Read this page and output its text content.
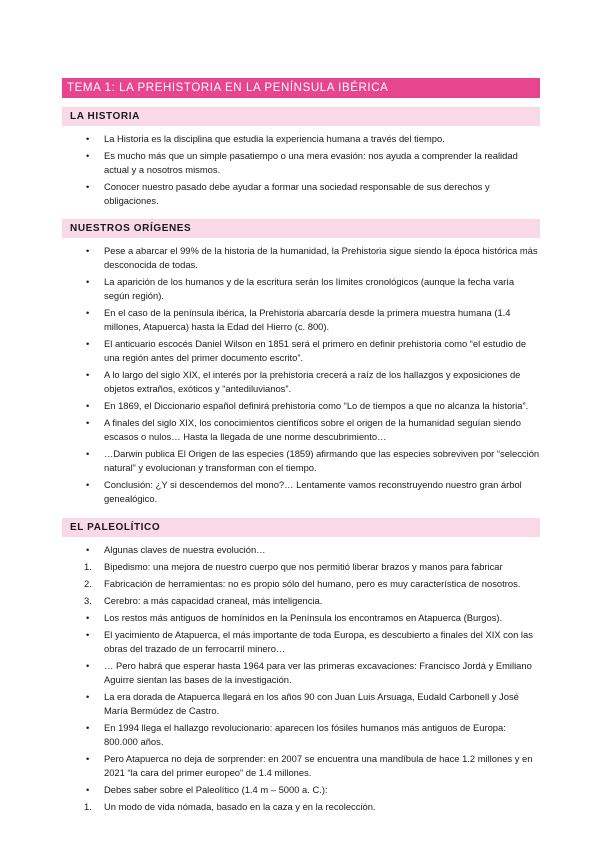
TEMA 1: LA PREHISTORIA EN LA PENÍNSULA IBÉRICA
LA HISTORIA
•	La Historia es la disciplina que estudia la experiencia humana a través del tiempo.
•	Es mucho más que un simple pasatiempo o una mera evasión: nos ayuda a comprender la realidad actual y a nosotros mismos.
•	Conocer nuestro pasado debe ayudar a formar una sociedad responsable de sus derechos y obligaciones.
NUESTROS ORÍGENES
•	Pese a abarcar el 99% de la historia de la humanidad, la Prehistoria sigue siendo la época histórica más desconocida de todas.
•	La aparición de los humanos y de la escritura serán los límites cronológicos (aunque la fecha varía según región).
•	En el caso de la península ibérica, la Prehistoria abarcaría desde la primera muestra humana (1.4 millones, Atapuerca) hasta la Edad del Hierro (c. 800).
•	El anticuario escocés Daniel Wilson en 1851 será el primero en definir prehistoria como “el estudio de una región antes del primer documento escrito”.
•	A lo largo del siglo XIX, el interés por la prehistoria crecerá a raíz de los hallazgos y exposiciones de objetos extraños, exóticos y “antediluvianos”.
•	En 1869, el Diccionario español definirá prehistoria como “Lo de tiempos a que no alcanza la historia”.
•	A finales del siglo XIX, los conocimientos científicos sobre el origen de la humanidad seguían siendo escasos o nulos… Hasta la llegada de une norme descubrimiento…
•	…Darwin publica El Origen de las especies (1859) afirmando que las especies sobreviven por “selección natural” y evolucionan y transforman con el tiempo.
•	Conclusión: ¿Y si descendemos del mono?… Lentamente vamos reconstruyendo nuestro gran árbol genealógico.
EL PALEOLÍTICO
•	Algunas claves de nuestra evolución…
1.	Bipedismo: una mejora de nuestro cuerpo que nos permitió liberar brazos y manos para fabricar
2.	Fabricación de herramientas: no es propio sólo del humano, pero es muy característica de nosotros.
3.	Cerebro: a más capacidad craneal, más inteligencia.
•	Los restos más antiguos de homínidos en la Península los encontramos en Atapuerca (Burgos).
•	El yacimiento de Atapuerca, el más importante de toda Europa, es descubierto a finales del XIX con las obras del trazado de un ferrocarril minero…
•	… Pero habrá que esperar hasta 1964 para ver las primeras excavaciones: Francisco Jordá y Emiliano Aguirre sientan las bases de la investigación.
•	La era dorada de Atapuerca llegará en los años 90 con Juan Luis Arsuaga, Eudald Carbonell y José María Bermúdez de Castro.
•	En 1994 llega el hallazgo revolucionario: aparecen los fósiles humanos más antiguos de Europa: 800.000 años.
•	Pero Atapuerca no deja de sorprender: en 2007 se encuentra una mandíbula de hace 1.2 millones y en 2021 “la cara del primer europeo” de 1.4 millones.
•	Debes saber sobre el Paleolítico (1.4 m – 5000 a. C.):
1.	Un modo de vida nómada, basado en la caza y en la recolección.
